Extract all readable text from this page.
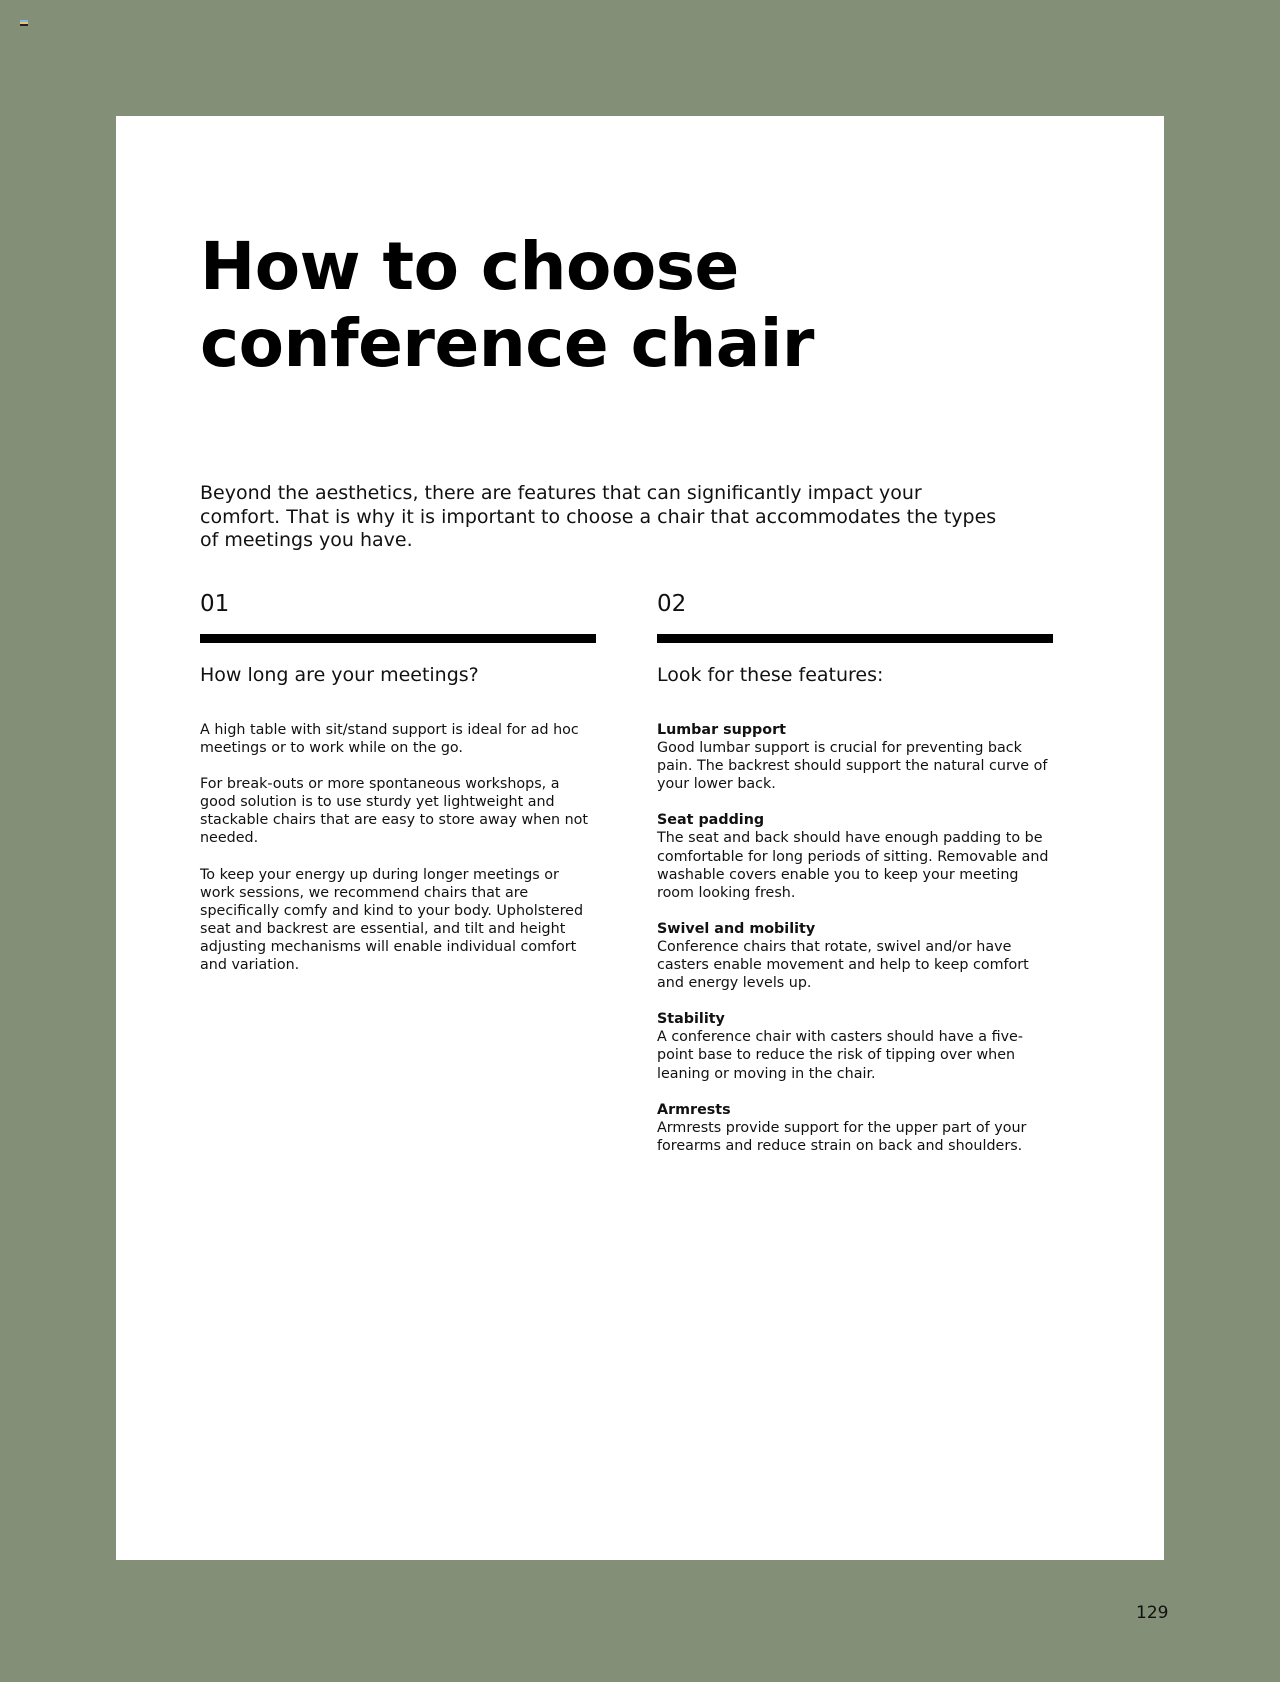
How to choose conference chair

Beyond the aesthetics, there are features that can significantly impact your comfort. That is why it is important to choose a chair that accommodates the types of meetings you have.

01

How long are your meetings?

A high table with sit/stand support is ideal for ad hoc meetings or to work while on the go.

For break-outs or more spontaneous workshops, a good solution is to use sturdy yet lightweight and stackable chairs that are easy to store away when not needed.

To keep your energy up during longer meetings or work sessions, we recommend chairs that are specifically comfy and kind to your body. Upholstered seat and backrest are essential, and tilt and height adjusting mechanisms will enable individual comfort and variation.

02

Look for these features:

Lumbar support
Good lumbar support is crucial for preventing back pain. The backrest should support the natural curve of your lower back.
Seat padding
The seat and back should have enough padding to be comfortable for long periods of sitting. Removable and washable covers enable you to keep your meeting room looking fresh.
Swivel and mobility
Conference chairs that rotate, swivel and/or have casters enable movement and help to keep comfort and energy levels up.
Stability
A conference chair with casters should have a five-point base to reduce the risk of tipping over when leaning or moving in the chair.
Armrests
Armrests provide support for the upper part of your forearms and reduce strain on back and shoulders.
129
